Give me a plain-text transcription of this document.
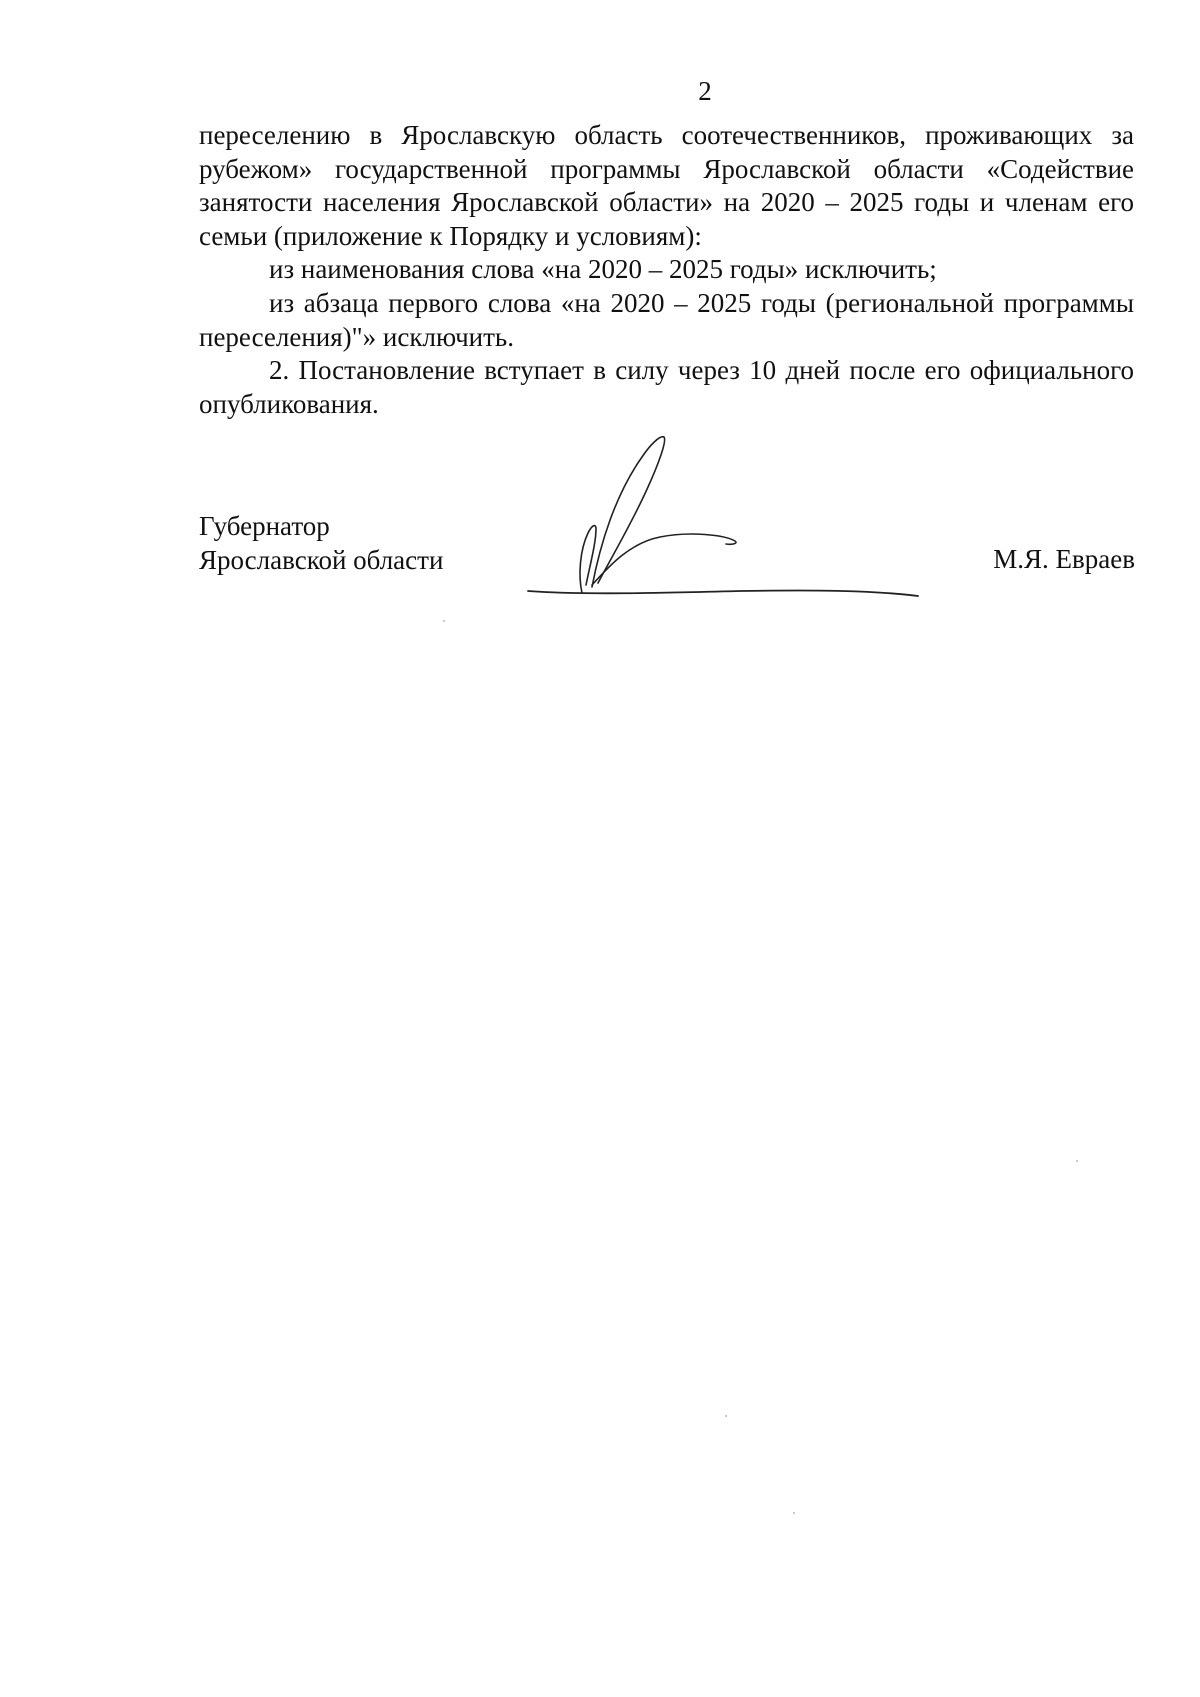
2

переселению в Ярославскую область соотечественников, проживающих за рубежом» государственной программы Ярославской области «Содействие занятости населения Ярославской области» на 2020 – 2025 годы и членам его семьи (приложение к Порядку и условиям):

из наименования слова «на 2020 – 2025 годы» исключить;

из абзаца первого слова «на 2020 – 2025 годы (региональной программы переселения)"» исключить.

2. Постановление вступает в силу через 10 дней после его официального опубликования.

Губернатор
Ярославской области	М.Я. Евраев
